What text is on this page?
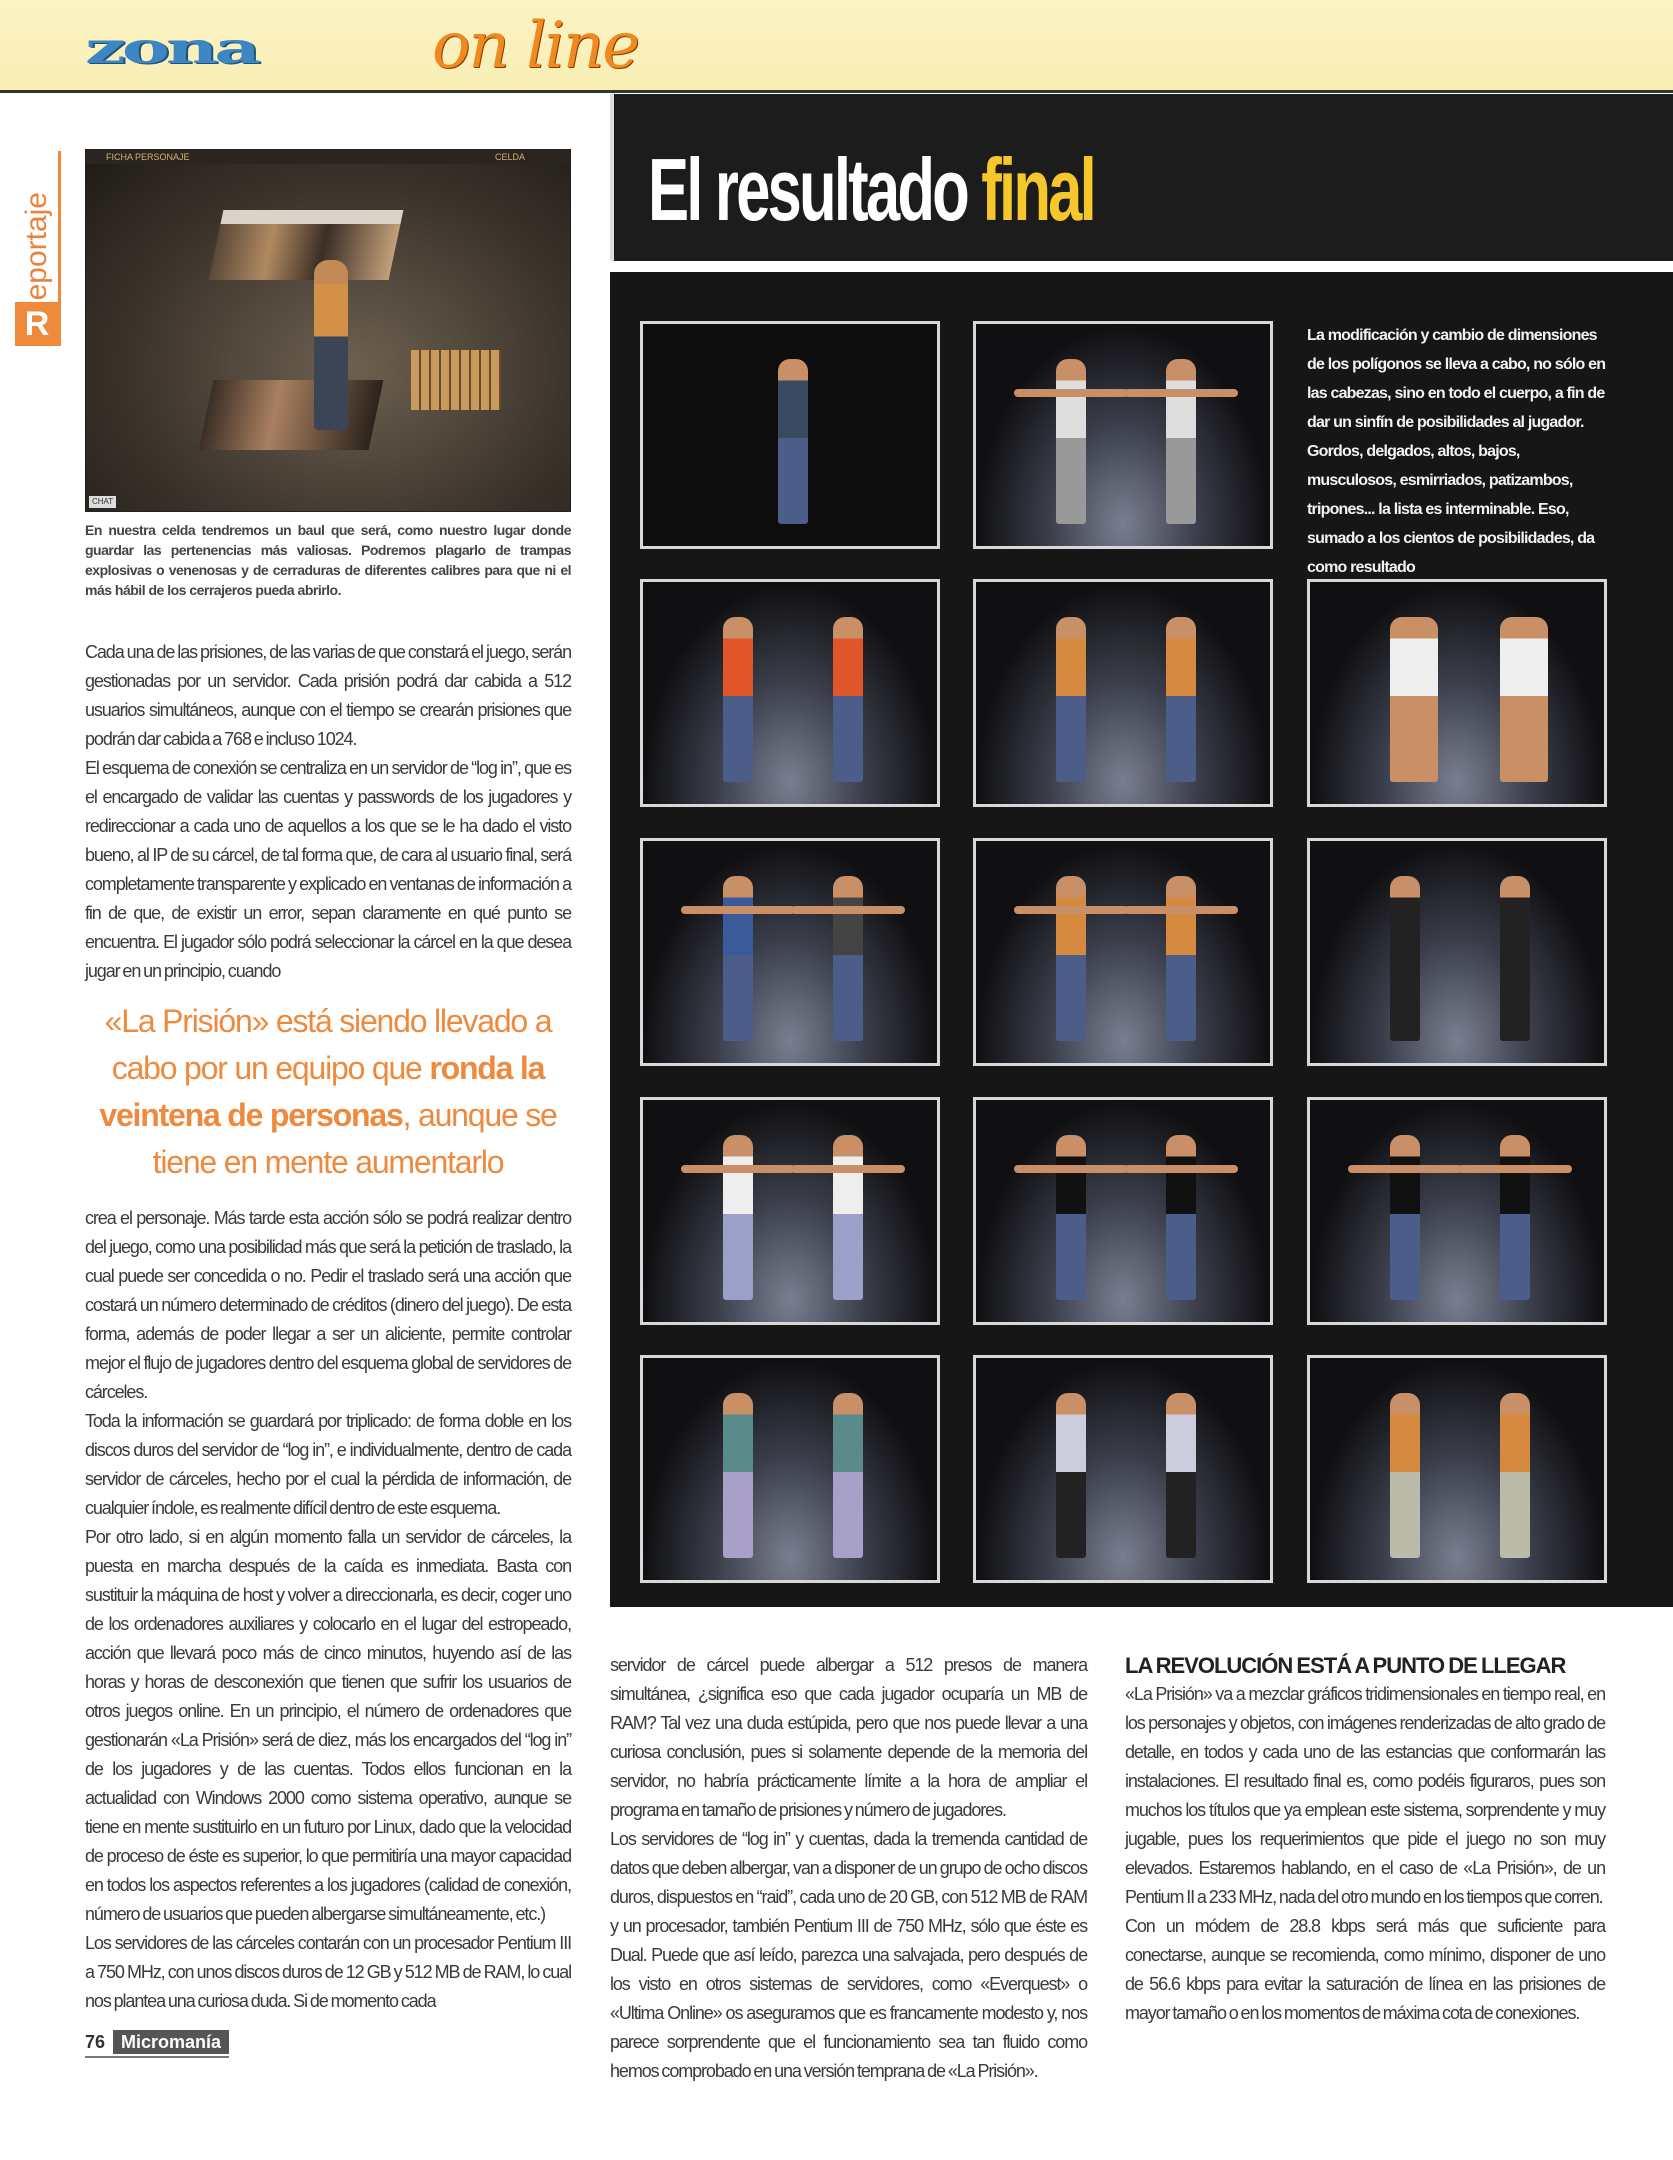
zona	on line
eportaje
R
FICHA PERSONAJE	CELDA
CHAT

En nuestra celda tendremos un baul que será, como nuestro lugar donde guardar las pertenencias más valiosas. Podremos plagarlo de trampas explosivas o venenosas y de cerraduras de diferentes calibres para que ni el más hábil de los cerrajeros pueda abrirlo.

Cada una de las prisiones, de las varias de que constará el juego, serán gestionadas por un servidor. Cada prisión podrá dar cabida a 512 usuarios simultáneos, aunque con el tiempo se crearán prisiones que podrán dar cabida a 768 e incluso 1024.

El esquema de conexión se centraliza en un servidor de “log in”, que es el encargado de validar las cuentas y passwords de los jugadores y redireccionar a cada uno de aquellos a los que se le ha dado el visto bueno, al IP de su cárcel, de tal forma que, de cara al usuario final, será completamente transparente y explicado en ventanas de información a fin de que, de existir un error, sepan claramente en qué punto se encuentra. El jugador sólo podrá seleccionar la cárcel en la que desea jugar en un principio, cuando

«La Prisión» está siendo llevado a cabo por un equipo que ronda la veintena de personas, aunque se tiene en mente aumentarlo

crea el personaje. Más tarde esta acción sólo se podrá realizar dentro del juego, como una posibilidad más que será la petición de traslado, la cual puede ser concedida o no. Pedir el traslado será una acción que costará un número determinado de créditos (dinero del juego). De esta forma, además de poder llegar a ser un aliciente, permite controlar mejor el flujo de jugadores dentro del esquema global de servidores de cárceles.

Toda la información se guardará por triplicado: de forma doble en los discos duros del servidor de “log in”, e individualmente, dentro de cada servidor de cárceles, hecho por el cual la pérdida de información, de cualquier índole, es realmente difícil dentro de este esquema.

Por otro lado, si en algún momento falla un servidor de cárceles, la puesta en marcha después de la caída es inmediata. Basta con sustituir la máquina de host y volver a direccionarla, es decir, coger uno de los ordenadores auxiliares y colocarlo en el lugar del estropeado, acción que llevará poco más de cinco minutos, huyendo así de las horas y horas de desconexión que tienen que sufrir los usuarios de otros juegos online. En un principio, el número de ordenadores que gestionarán «La Prisión» será de diez, más los encargados del “log in” de los jugadores y de las cuentas. Todos ellos funcionan en la actualidad con Windows 2000 como sistema operativo, aunque se tiene en mente sustituirlo en un futuro por Linux, dado que la velocidad de proceso de éste es superior, lo que permitiría una mayor capacidad en todos los aspectos referentes a los jugadores (calidad de conexión, número de usuarios que pueden albergarse simultáneamente, etc.)

Los servidores de las cárceles contarán con un procesador Pentium III a 750 MHz, con unos discos duros de 12 GB y 512 MB de RAM, lo cual nos plantea una curiosa duda. Si de momento cada

76 Micromanía
El resultado final

La modificación y cambio de dimensiones de los polígonos se lleva a cabo, no sólo en las cabezas, sino en todo el cuerpo, a fin de dar un sinfín de posibilidades al jugador. Gordos, delgados, altos, bajos, musculosos, esmirriados, patizambos, tripones... la lista es interminable. Eso, sumado a los cientos de posibilidades, da como resultado

servidor de cárcel puede albergar a 512 presos de manera simultánea, ¿significa eso que cada jugador ocuparía un MB de RAM? Tal vez una duda estúpida, pero que nos puede llevar a una curiosa conclusión, pues si solamente depende de la memoria del servidor, no habría prácticamente límite a la hora de ampliar el programa en tamaño de prisiones y número de jugadores.

Los servidores de “log in” y cuentas, dada la tremenda cantidad de datos que deben albergar, van a disponer de un grupo de ocho discos duros, dispuestos en “raid”, cada uno de 20 GB, con 512 MB de RAM y un procesador, también Pentium III de 750 MHz, sólo que éste es Dual. Puede que así leído, parezca una salvajada, pero después de los visto en otros sistemas de servidores, como «Everquest» o «Ultima Online» os aseguramos que es francamente modesto y, nos parece sorprendente que el funcionamiento sea tan fluido como hemos comprobado en una versión temprana de «La Prisión».

LA REVOLUCIÓN ESTÁ A PUNTO DE LLEGAR

«La Prisión» va a mezclar gráficos tridimensionales en tiempo real, en los personajes y objetos, con imágenes renderizadas de alto grado de detalle, en todos y cada uno de las estancias que conformarán las instalaciones. El resultado final es, como podéis figuraros, pues son muchos los títulos que ya emplean este sistema, sorprendente y muy jugable, pues los requerimientos que pide el juego no son muy elevados. Estaremos hablando, en el caso de «La Prisión», de un Pentium II a 233 MHz, nada del otro mundo en los tiempos que corren.

Con un módem de 28.8 kbps será más que suficiente para conectarse, aunque se recomienda, como mínimo, disponer de uno de 56.6 kbps para evitar la saturación de línea en las prisiones de mayor tamaño o en los momentos de máxima cota de conexiones.
